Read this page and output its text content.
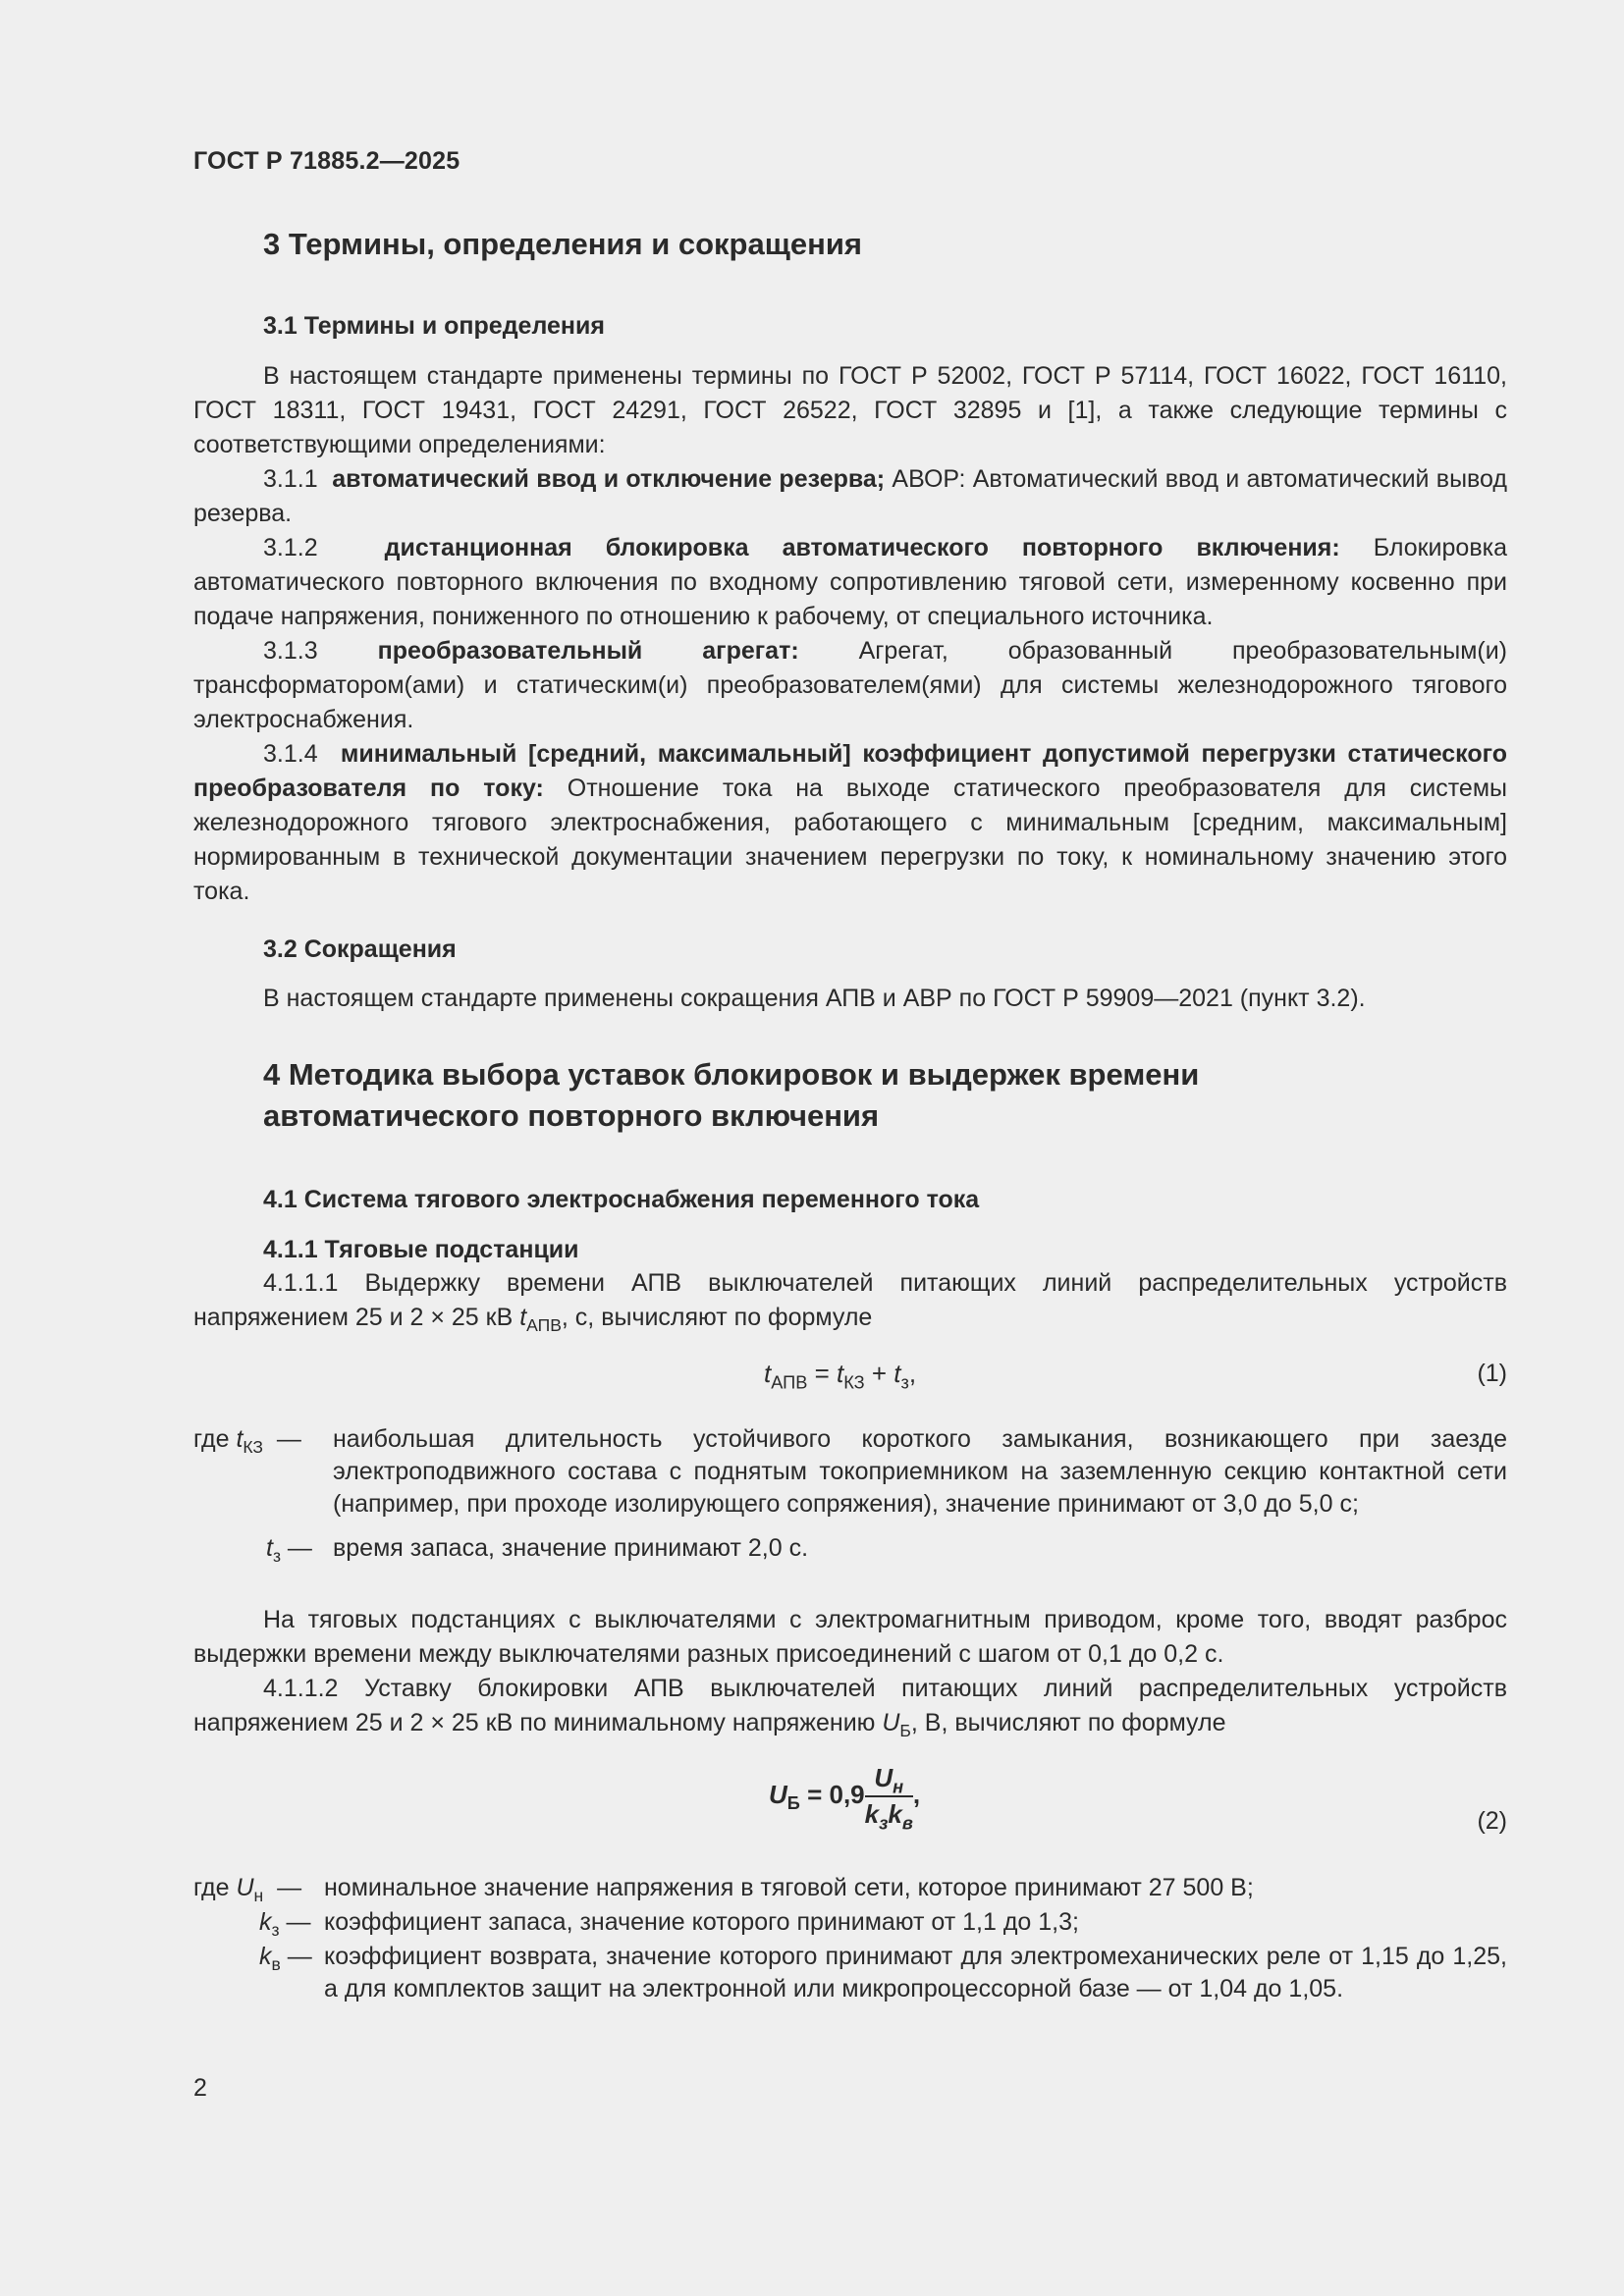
ГОСТ Р 71885.2—2025
3 Термины, определения и сокращения
3.1 Термины и определения
В настоящем стандарте применены термины по ГОСТ Р 52002, ГОСТ Р 57114, ГОСТ 16022, ГОСТ 16110, ГОСТ 18311, ГОСТ 19431, ГОСТ 24291, ГОСТ 26522, ГОСТ 32895 и [1], а также следующие термины с соответствующими определениями:
3.1.1 автоматический ввод и отключение резерва; АВОР: Автоматический ввод и автоматический вывод резерва.
3.1.2	дистанционная блокировка автоматического повторного включения: Блокировка автоматического повторного включения по входному сопротивлению тяговой сети, измеренному косвенно при подаче напряжения, пониженного по отношению к рабочему, от специального источника.
3.1.3 преобразовательный агрегат: Агрегат, образованный преобразовательным(и) трансформатором(ами) и статическим(и) преобразователем(ями) для системы железнодорожного тягового электроснабжения.
3.1.4 минимальный [средний, максимальный] коэффициент допустимой перегрузки статического преобразователя по току: Отношение тока на выходе статического преобразователя для системы железнодорожного тягового электроснабжения, работающего с минимальным [средним, максимальным] нормированным в технической документации значением перегрузки по току, к номинальному значению этого тока.
3.2 Сокращения
В настоящем стандарте применены сокращения АПВ и АВР по ГОСТ Р 59909—2021 (пункт 3.2).
4 Методика выбора уставок блокировок и выдержек времени
автоматического повторного включения
4.1 Система тягового электроснабжения переменного тока
4.1.1 Тяговые подстанции
4.1.1.1 Выдержку времени АПВ выключателей питающих линий распределительных устройств напряжением 25 и 2 × 25 кВ $t_{АПВ}$, с, вычисляют по формуле
$t_{АПВ} = t_{КЗ} + t_з$,	(1)
где $t_{КЗ}$  — наибольшая длительность устойчивого короткого замыкания, возникающего при заезде электроподвижного состава с поднятым токоприемником на заземленную секцию контактной сети (например, при проходе изолирующего сопряжения), значение принимают от 3,0 до 5,0 с;
$t_з$ — время запаса, значение принимают 2,0 с.
На тяговых подстанциях с выключателями с электромагнитным приводом, кроме того, вводят разброс выдержки времени между выключателями разных присоединений с шагом от 0,1 до 0,2 с.
4.1.1.2 Уставку блокировки АПВ выключателей питающих линий распределительных устройств напряжением 25 и 2 × 25 кВ по минимальному напряжению $U_Б$, В, вычисляют по формуле
$U_Б = 0,9 \frac{U_н}{k_зk_в}$ ,
(2)
где $U_н$  — номинальное значение напряжения в тяговой сети, которое принимают 27 500 В;
$k_з$ — коэффициент запаса, значение которого принимают от 1,1 до 1,3;
$k_в$ — коэффициент возврата, значение которого принимают для электромеханических реле от 1,15 до 1,25, а для комплектов защит на электронной или микропроцессорной базе — от 1,04 до 1,05.
2
